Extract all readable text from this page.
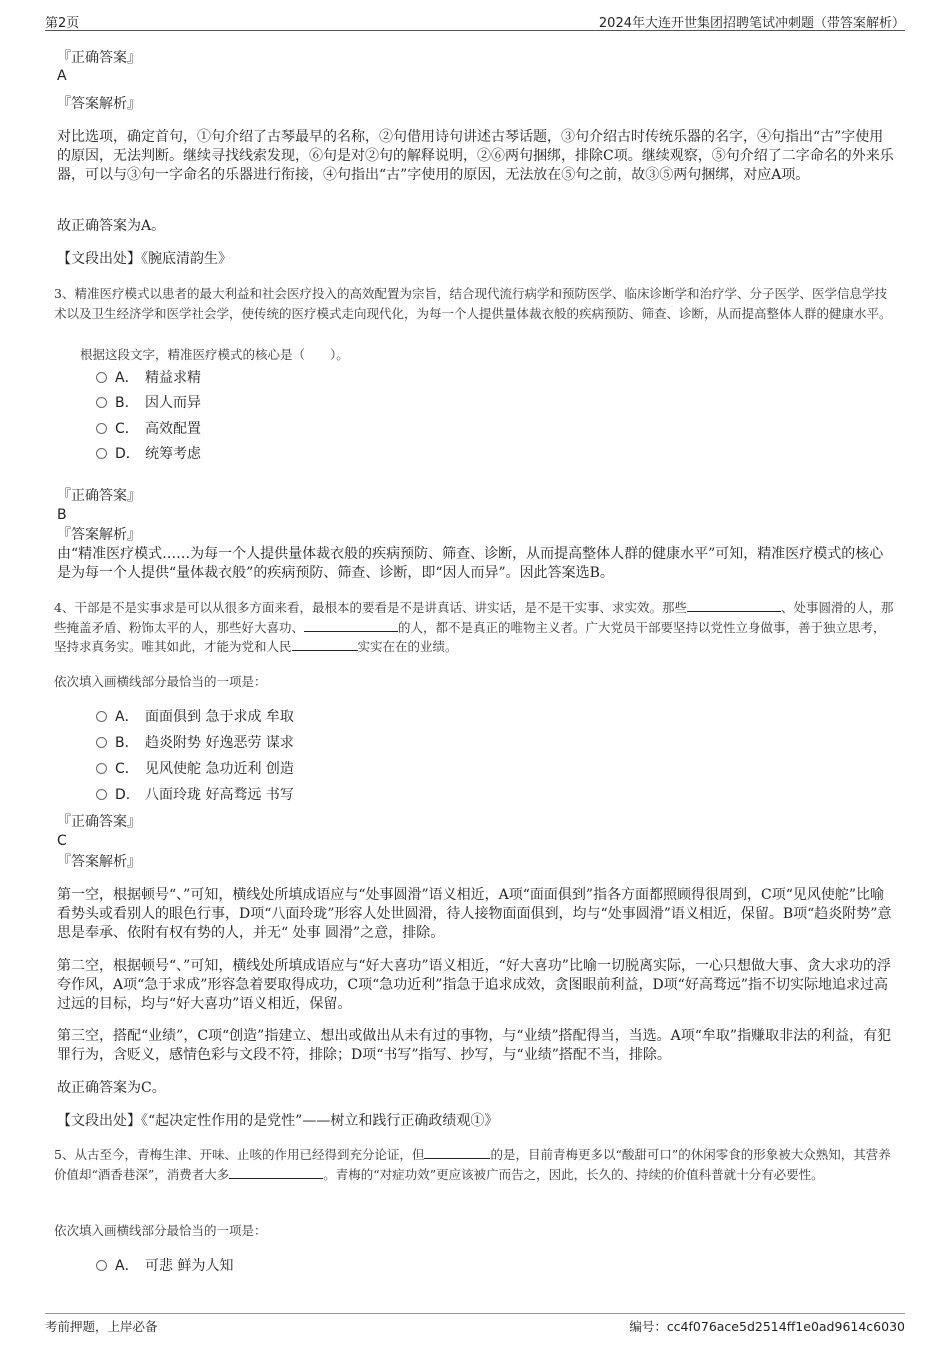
第2页	2024年大连开世集团招聘笔试冲刺题（带答案解析）
『正确答案』
A
『答案解析』
对比选项，确定首句，①句介绍了古琴最早的名称，②句借用诗句讲述古琴话题，③句介绍古时传统乐器的名字，④句指出“古”字使用的原因，无法判断。继续寻找线索发现，⑥句是对②句的解释说明，②⑥两句捆绑，排除C项。继续观察，⑤句介绍了二字命名的外来乐器，可以与③句一字命名的乐器进行衔接，④句指出“古”字使用的原因，无法放在⑤句之前，故③⑤两句捆绑，对应A项。
故正确答案为A。
【文段出处】《腕底清韵生》
3、精准医疗模式以患者的最大利益和社会医疗投入的高效配置为宗旨，结合现代流行病学和预防医学、临床诊断学和治疗学、分子医学、医学信息学技术以及卫生经济学和医学社会学，使传统的医疗模式走向现代化，为每一个人提供量体裁衣般的疾病预防、筛查、诊断，从而提高整体人群的健康水平。
根据这段文字，精准医疗模式的核心是（　　）。
A． 精益求精
B． 因人而异
C． 高效配置
D． 统筹考虑
『正确答案』
B
『答案解析』
由“精准医疗模式……为每一个人提供量体裁衣般的疾病预防、筛查、诊断，从而提高整体人群的健康水平”可知，精准医疗模式的核心是为每一个人提供“量体裁衣般”的疾病预防、筛查、诊断，即“因人而异”。因此答案选B。
4、干部是不是实事求是可以从很多方面来看，最根本的要看是不是讲真话、讲实话，是不是干实事、求实效。那些	、处事圆滑的人，那些掩盖矛盾、粉饰太平的人，那些好大喜功、	的人，都不是真正的唯物主义者。广大党员干部要坚持以党性立身做事，善于独立思考，坚持求真务实。唯其如此，才能为党和人民	实实在在的业绩。
依次填入画横线部分最恰当的一项是：
A． 面面俱到 急于求成 牟取
B． 趋炎附势 好逸恶劳 谋求
C． 见风使舵 急功近利 创造
D． 八面玲珑 好高骛远 书写
『正确答案』
C
『答案解析』
第一空，根据顿号“、”可知，横线处所填成语应与“处事圆滑”语义相近，A项“面面俱到”指各方面都照顾得很周到，C项“见风使舵”比喻看势头或看别人的眼色行事，D项“八面玲珑”形容人处世圆滑，待人接物面面俱到，均与“处事圆滑”语义相近，保留。B项“趋炎附势”意思是奉承、依附有权有势的人，并无“ 处事 圆滑”之意，排除。
第二空，根据顿号“、”可知，横线处所填成语应与“好大喜功”语义相近，“好大喜功”比喻一切脱离实际，一心只想做大事、贪大求功的浮夸作风，A项“急于求成”形容急着要取得成功，C项“急功近利”指急于追求成效，贪图眼前利益，D项“好高骛远”指不切实际地追求过高过远的目标，均与“好大喜功”语义相近，保留。
第三空，搭配“业绩”，C项“创造”指建立、想出或做出从未有过的事物，与“业绩”搭配得当，当选。A项“牟取”指赚取非法的利益，有犯罪行为，含贬义，感情色彩与文段不符，排除；D项“书写”指写、抄写，与“业绩”搭配不当，排除。
故正确答案为C。
【文段出处】《“起决定性作用的是党性”——树立和践行正确政绩观①》
5、从古至今，青梅生津、开味、止咳的作用已经得到充分论证，但	的是，目前青梅更多以“酸甜可口”的休闲零食的形象被大众熟知，其营养价值却“酒香巷深”，消费者大多	。青梅的“对症功效”更应该被广而告之，因此，长久的、持续的价值科普就十分有必要性。
依次填入画横线部分最恰当的一项是：
A． 可悲 鲜为人知
考前押题，上岸必备	编号：cc4f076ace5d2514ff1e0ad9614c6030
